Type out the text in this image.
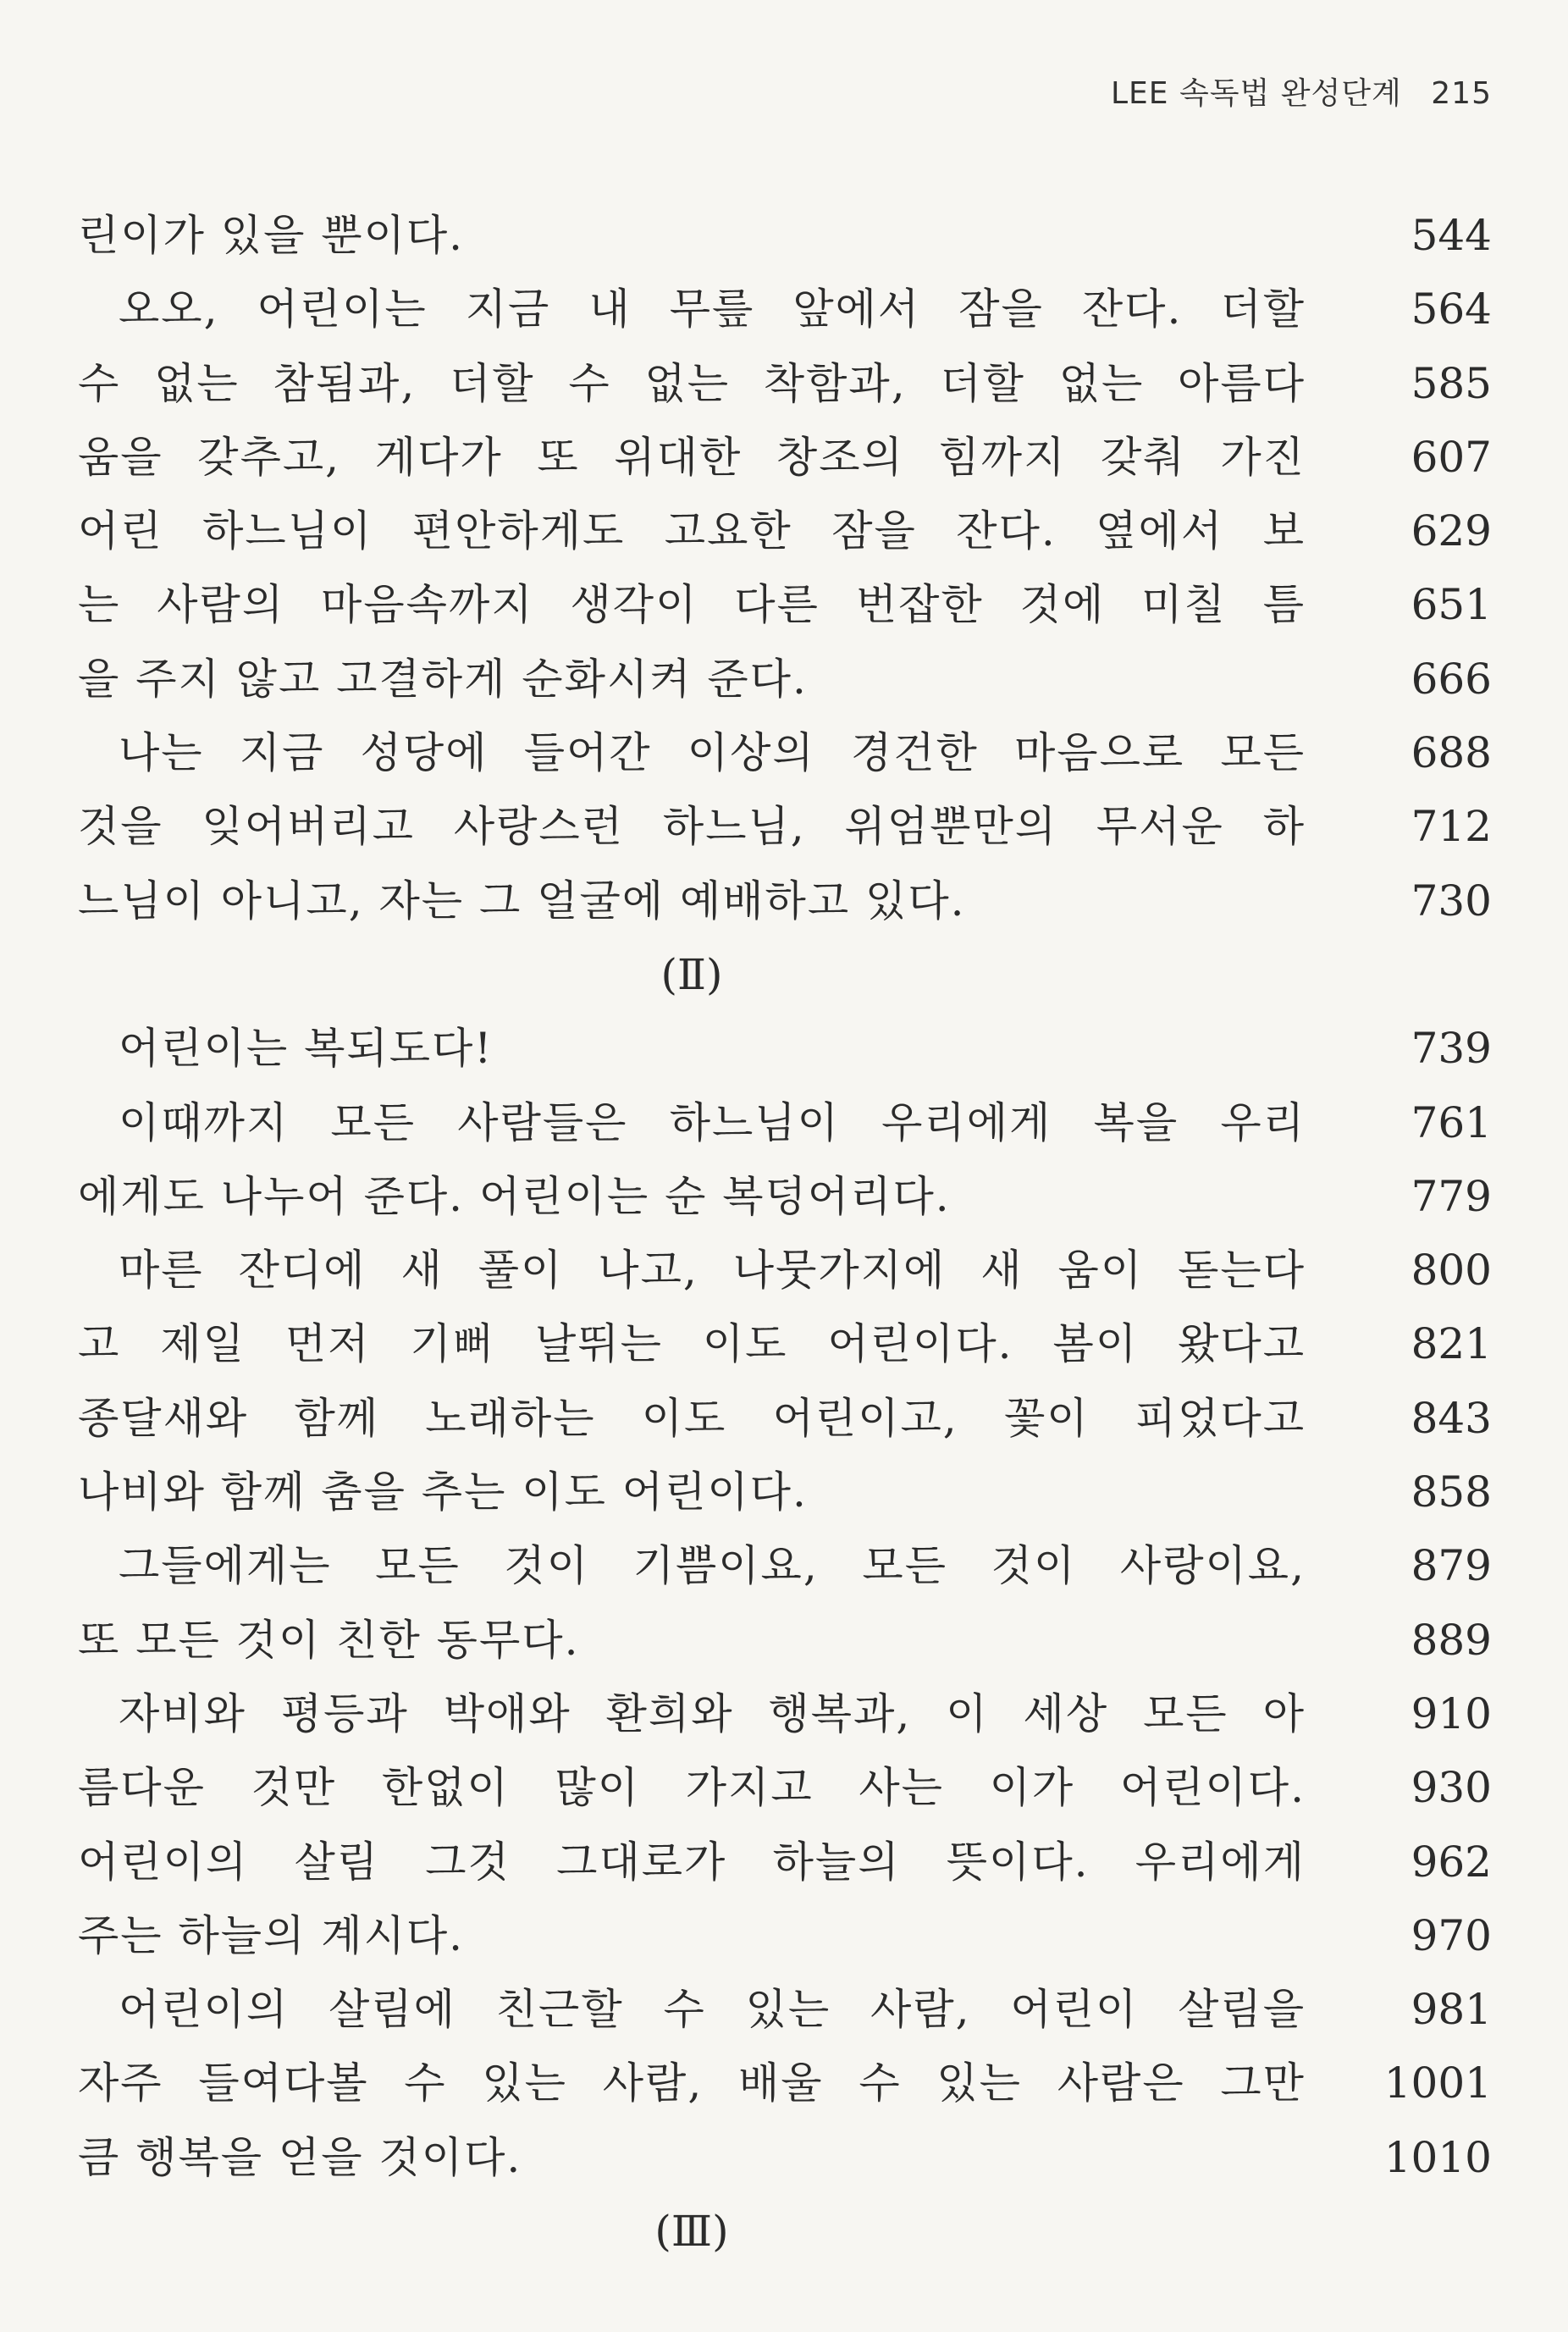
LEE 속독법 완성단계 215
린이가 있을 뿐이다.	544
오오, 어린이는 지금 내 무릎 앞에서 잠을 잔다. 더할	564
수 없는 참됨과, 더할 수 없는 착함과, 더할 없는 아름다	585
움을 갖추고, 게다가 또 위대한 창조의 힘까지 갖춰 가진	607
어린 하느님이 편안하게도 고요한 잠을 잔다. 옆에서 보	629
는 사람의 마음속까지 생각이 다른 번잡한 것에 미칠 틈	651
을 주지 않고 고결하게 순화시켜 준다.	666
나는 지금 성당에 들어간 이상의 경건한 마음으로 모든	688
것을 잊어버리고 사랑스런 하느님, 위엄뿐만의 무서운 하	712
느님이 아니고, 자는 그 얼굴에 예배하고 있다.	730
(Ⅱ)
어린이는 복되도다!	739
이때까지 모든 사람들은 하느님이 우리에게 복을 우리	761
에게도 나누어 준다. 어린이는 순 복덩어리다.	779
마른 잔디에 새 풀이 나고, 나뭇가지에 새 움이 돋는다	800
고 제일 먼저 기뻐 날뛰는 이도 어린이다. 봄이 왔다고	821
종달새와 함께 노래하는 이도 어린이고, 꽃이 피었다고	843
나비와 함께 춤을 추는 이도 어린이다.	858
그들에게는 모든 것이 기쁨이요, 모든 것이 사랑이요,	879
또 모든 것이 친한 동무다.	889
자비와 평등과 박애와 환희와 행복과, 이 세상 모든 아	910
름다운 것만 한없이 많이 가지고 사는 이가 어린이다.	930
어린이의 살림 그것 그대로가 하늘의 뜻이다. 우리에게	962
주는 하늘의 계시다.	970
어린이의 살림에 친근할 수 있는 사람, 어린이 살림을	981
자주 들여다볼 수 있는 사람, 배울 수 있는 사람은 그만	1001
큼 행복을 얻을 것이다.	1010
(Ⅲ)
